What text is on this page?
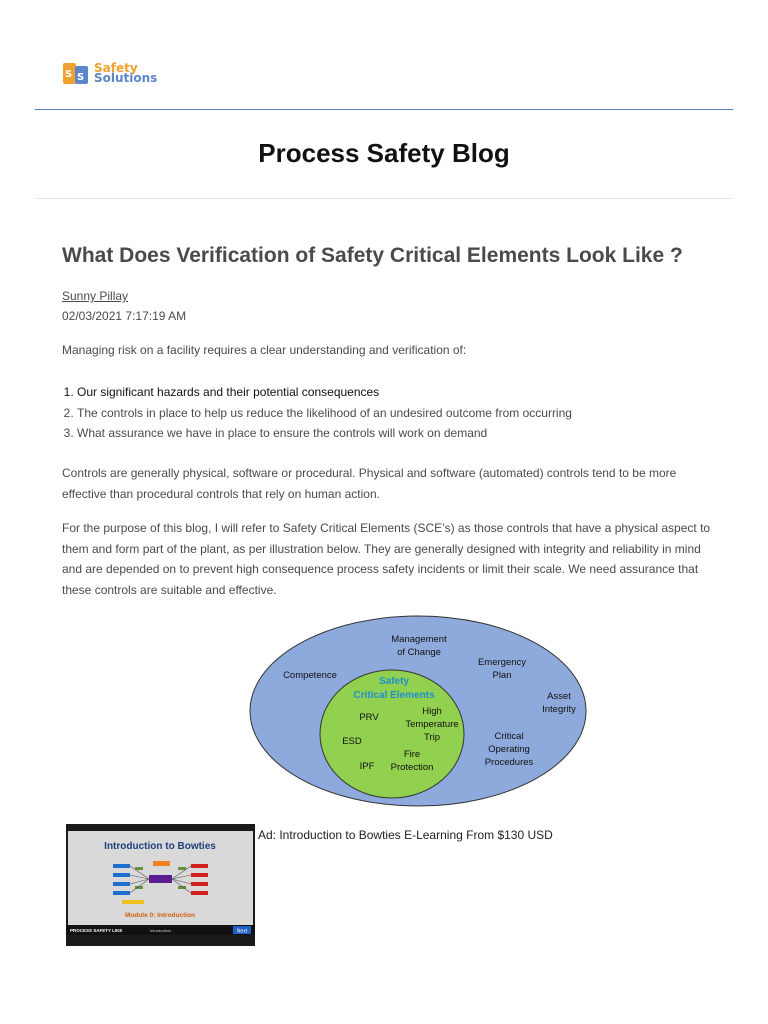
S S
Safety
Solutions
Process Safety Blog
What Does Verification of Safety Critical Elements Look Like ?
Sunny Pillay
02/03/2021 7:17:19 AM

Managing risk on a facility requires a clear understanding and verification of:

1. Our significant hazards and their potential consequences
2. The controls in place to help us reduce the likelihood of an undesired outcome from occurring
3. What assurance we have in place to ensure the controls will work on demand

Controls are generally physical, software or procedural. Physical and software (automated) controls tend to be more effective than procedural controls that rely on human action.

For the purpose of this blog, I will refer to Safety Critical Elements (SCE’s) as those controls that have a physical aspect to them and form part of the plant, as per illustration below. They are generally designed with integrity and reliability in mind and are depended on to prevent high consequence process safety incidents or limit their scale. We need assurance that these controls are suitable and effective.

Management
of Change
Emergency
Plan
Competence
Asset
Integrity
Critical
Operating
Procedures
Safety
Critical Elements
PRV
High
Temperature
Trip
ESD
Fire
Protection
IPF
Introduction to Bowties
Module 0: Introduction
PROCESS SAFETY LIKE	Introduction	Next
Ad: Introduction to Bowties E-Learning From $130 USD
